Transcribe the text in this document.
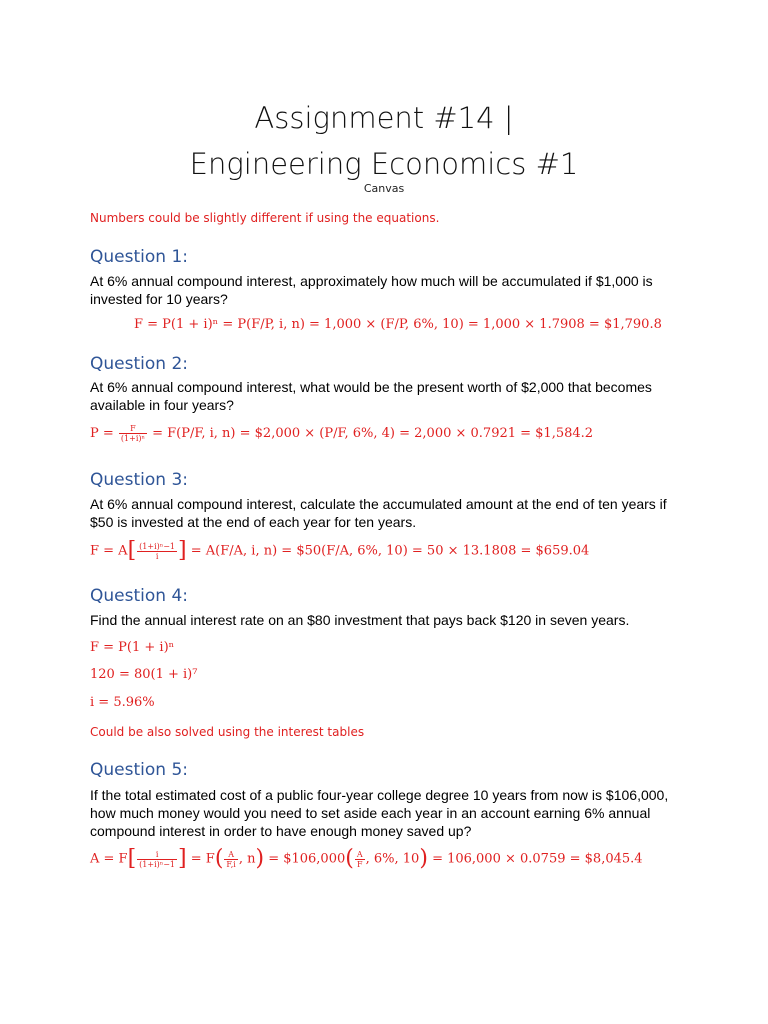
Assignment #14 |
Engineering Economics #1
Canvas
Numbers could be slightly different if using the equations.
Question 1:
At 6% annual compound interest, approximately how much will be accumulated if $1,000 is invested for 10 years?
F = P(1 + i)ⁿ = P(F/P, i, n) = 1,000 × (F/P, 6%, 10) = 1,000 × 1.7908 = $1,790.8
Question 2:
At 6% annual compound interest, what would be the present worth of $2,000 that becomes available in four years?
$P = \frac{F}{\text{(1+i)ⁿ}} = F(P/F$, i, n) = $2,000 × (P/F, 6%, 4) = 2,000 × 0.7921 = $1,584.2
Question 3:
At 6% annual compound interest, calculate the accumulated amount at the end of ten years if $50 is invested at the end of each year for ten years.
$F = A[ \frac{\text{(1+i)ⁿ−1}}{i}$ ] = A(F/A, i, n) = $50(F/A, 6%, 10) = 50 × 13.1808 = $659.04
Question 4:
Find the annual interest rate on an $80 investment that pays back $120 in seven years.
F = P(1 + i)ⁿ
120 = 80(1 + i)⁷
i = 5.96%
Could be also solved using the interest tables
Question 5:
If the total estimated cost of a public four-year college degree 10 years from now is $106,000, how much money would you need to set aside each year in an account earning 6% annual compound interest in order to have enough money saved up?
$A = F[ \frac{i}{\text{(1+i)ⁿ−1}}$ ] = $F( \frac{A}{F,i}$ , n) = $106,000( $\frac{A}{F}$ , 6%, 10) = 106,000 × 0.0759 = $8,045.4
